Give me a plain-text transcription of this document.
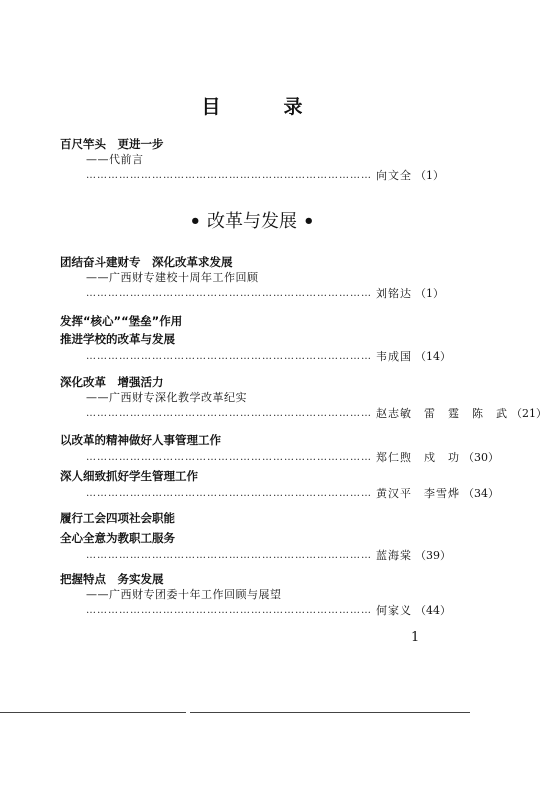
目　录
百尺竿头　更进一步
——代前言
…………………………………………………………………… 向文全 （1）
• 改革与发展 •
团结奋斗建财专　深化改革求发展
——广西财专建校十周年工作回顾
…………………………………………………………………… 刘铭达 （1）
发挥“核心”“堡垒”作用
推进学校的改革与发展
…………………………………………………………………… 韦成国 （14）
深化改革　增强活力
——广西财专深化教学改革纪实
…………………………………………………………………… 赵志敏　雷　霆　陈　武 （21）
以改革的精神做好人事管理工作
…………………………………………………………………… 郑仁煦　戍　功 （30）
深人细致抓好学生管理工作
…………………………………………………………………… 黄汉平　李雪烨 （34）
履行工会四项社会职能
全心全意为教职工服务
…………………………………………………………………… 蓝海棠 （39）
把握特点　务实发展
——广西财专团委十年工作回顾与展望
…………………………………………………………………… 何家义 （44）
1
